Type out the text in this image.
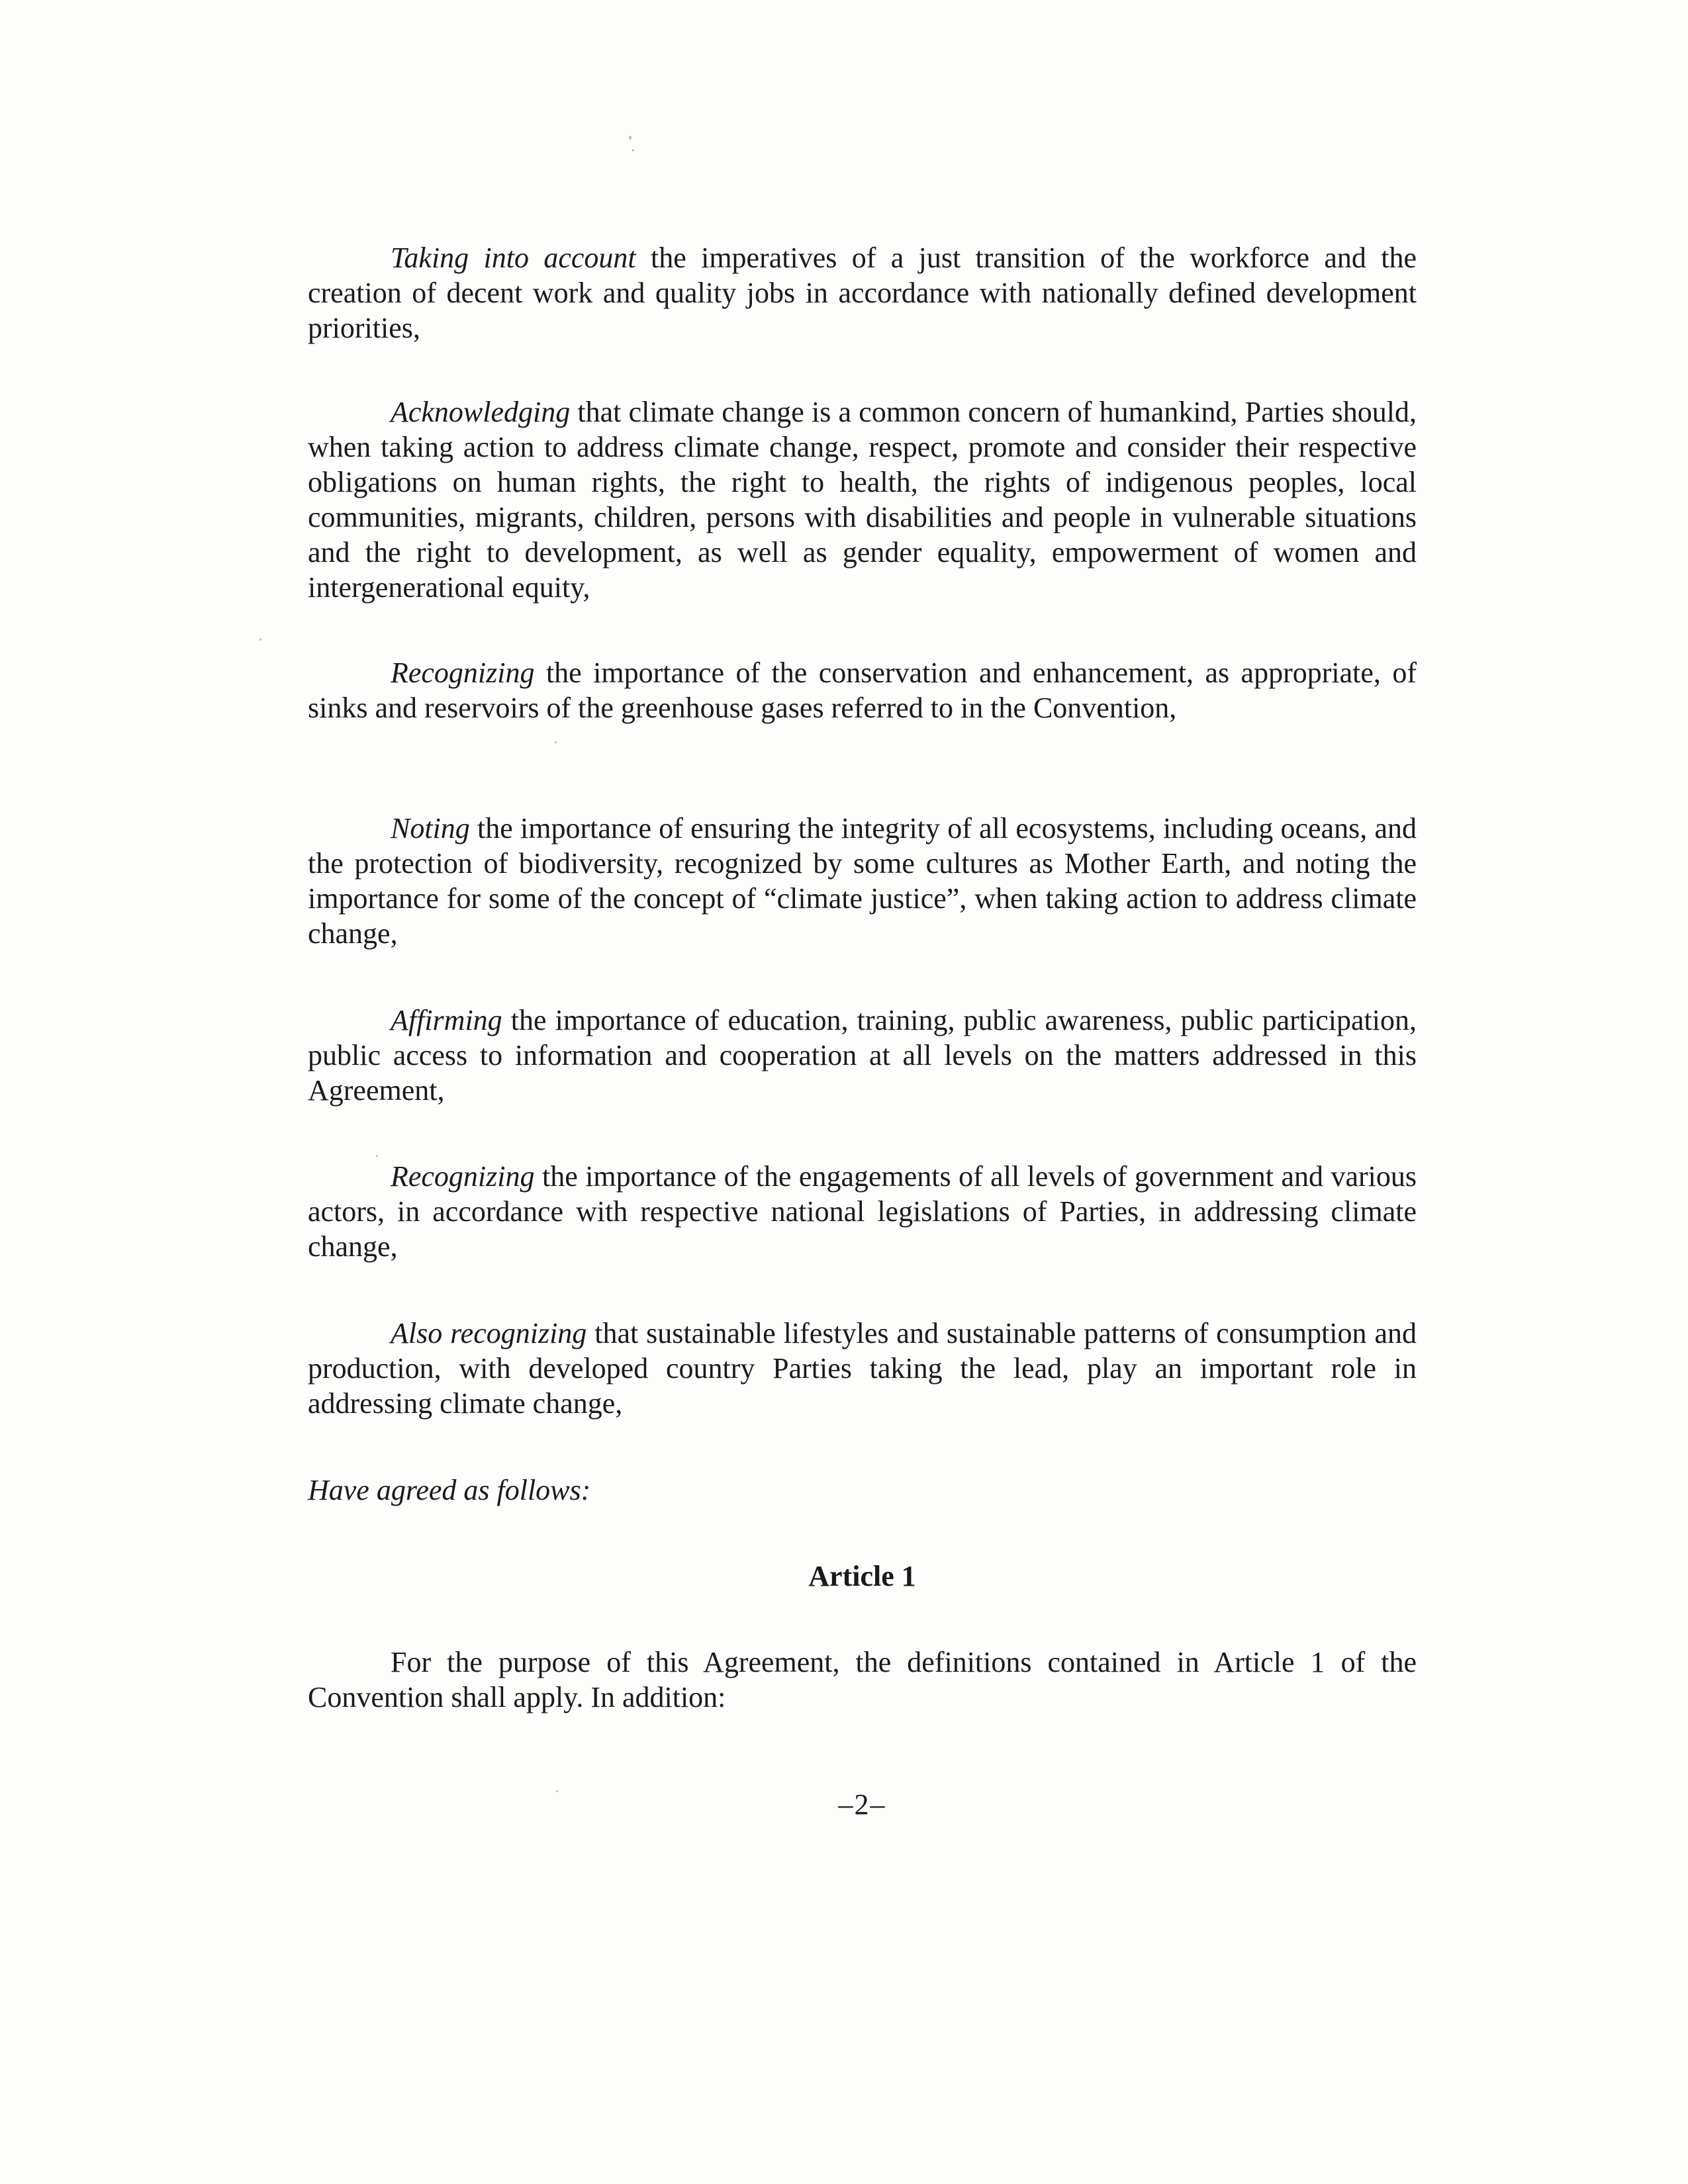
Taking into account the imperatives of a just transition of the workforce and the creation of decent work and quality jobs in accordance with nationally defined development priorities,

Acknowledging that climate change is a common concern of humankind, Parties should, when taking action to address climate change, respect, promote and consider their respective obligations on human rights, the right to health, the rights of indigenous peoples, local communities, migrants, children, persons with disabilities and people in vulnerable situations and the right to development, as well as gender equality, empowerment of women and intergenerational equity,

Recognizing the importance of the conservation and enhancement, as appropriate, of sinks and reservoirs of the greenhouse gases referred to in the Convention,

Noting the importance of ensuring the integrity of all ecosystems, including oceans, and the protection of biodiversity, recognized by some cultures as Mother Earth, and noting the importance for some of the concept of “climate justice”, when taking action to address climate change,

Affirming the importance of education, training, public awareness, public participation, public access to information and cooperation at all levels on the matters addressed in this Agreement,

Recognizing the importance of the engagements of all levels of government and various actors, in accordance with respective national legislations of Parties, in addressing climate change,

Also recognizing that sustainable lifestyles and sustainable patterns of consumption and production, with developed country Parties taking the lead, play an important role in addressing climate change,

Have agreed as follows:

Article 1

For the purpose of this Agreement, the definitions contained in Article 1 of the Convention shall apply. In addition:

–2–
